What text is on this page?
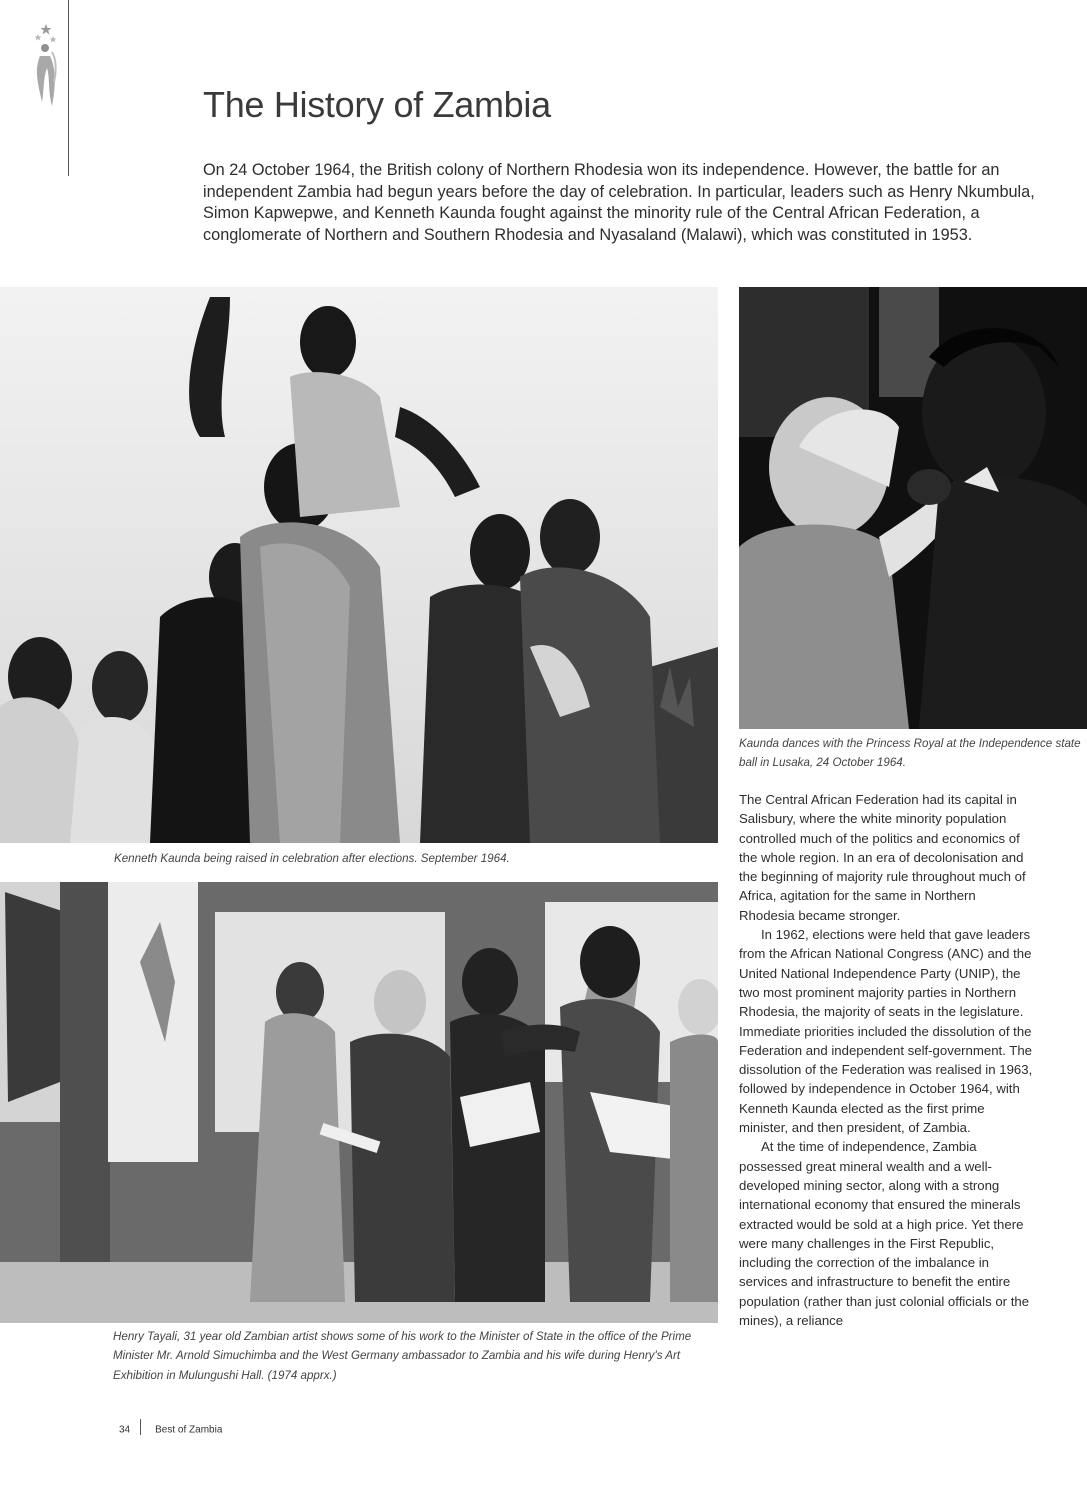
The History of Zambia

On 24 October 1964, the British colony of Northern Rhodesia won its independence. However, the battle for an independent Zambia had begun years before the day of celebration. In particular, leaders such as Henry Nkumbula, Simon Kapwepwe, and Kenneth Kaunda fought against the minority rule of the Central African Federation, a conglomerate of Northern and Southern Rhodesia and Nyasaland (Malawi), which was constituted in 1953.

Kenneth Kaunda being raised in celebration after elections. September 1964.

Kaunda dances with the Princess Royal at the Independence state ball in Lusaka, 24 October 1964.

Henry Tayali, 31 year old Zambian artist shows some of his work to the Minister of State in the office of the Prime Minister Mr. Arnold Simuchimba and the West Germany ambassador to Zambia and his wife during Henry's Art Exhibition in Mulungushi Hall. (1974 apprx.)

The Central African Federation had its capital in Salisbury, where the white minority population controlled much of the politics and economics of the whole region. In an era of decolonisation and the beginning of majority rule throughout much of Africa, agitation for the same in Northern Rhodesia became stronger.

In 1962, elections were held that gave leaders from the African National Congress (ANC) and the United National Independence Party (UNIP), the two most prominent majority parties in Northern Rhodesia, the majority of seats in the legislature. Immediate priorities included the dissolution of the Federation and independent self-government. The dissolution of the Federation was realised in 1963, followed by independence in October 1964, with Kenneth Kaunda elected as the first prime minister, and then president, of Zambia.

At the time of independence, Zambia possessed great mineral wealth and a well-developed mining sector, along with a strong international economy that ensured the minerals extracted would be sold at a high price. Yet there were many challenges in the First Republic, including the correction of the imbalance in services and infrastructure to benefit the entire population (rather than just colonial officials or the mines), a reliance

34	Best of Zambia
